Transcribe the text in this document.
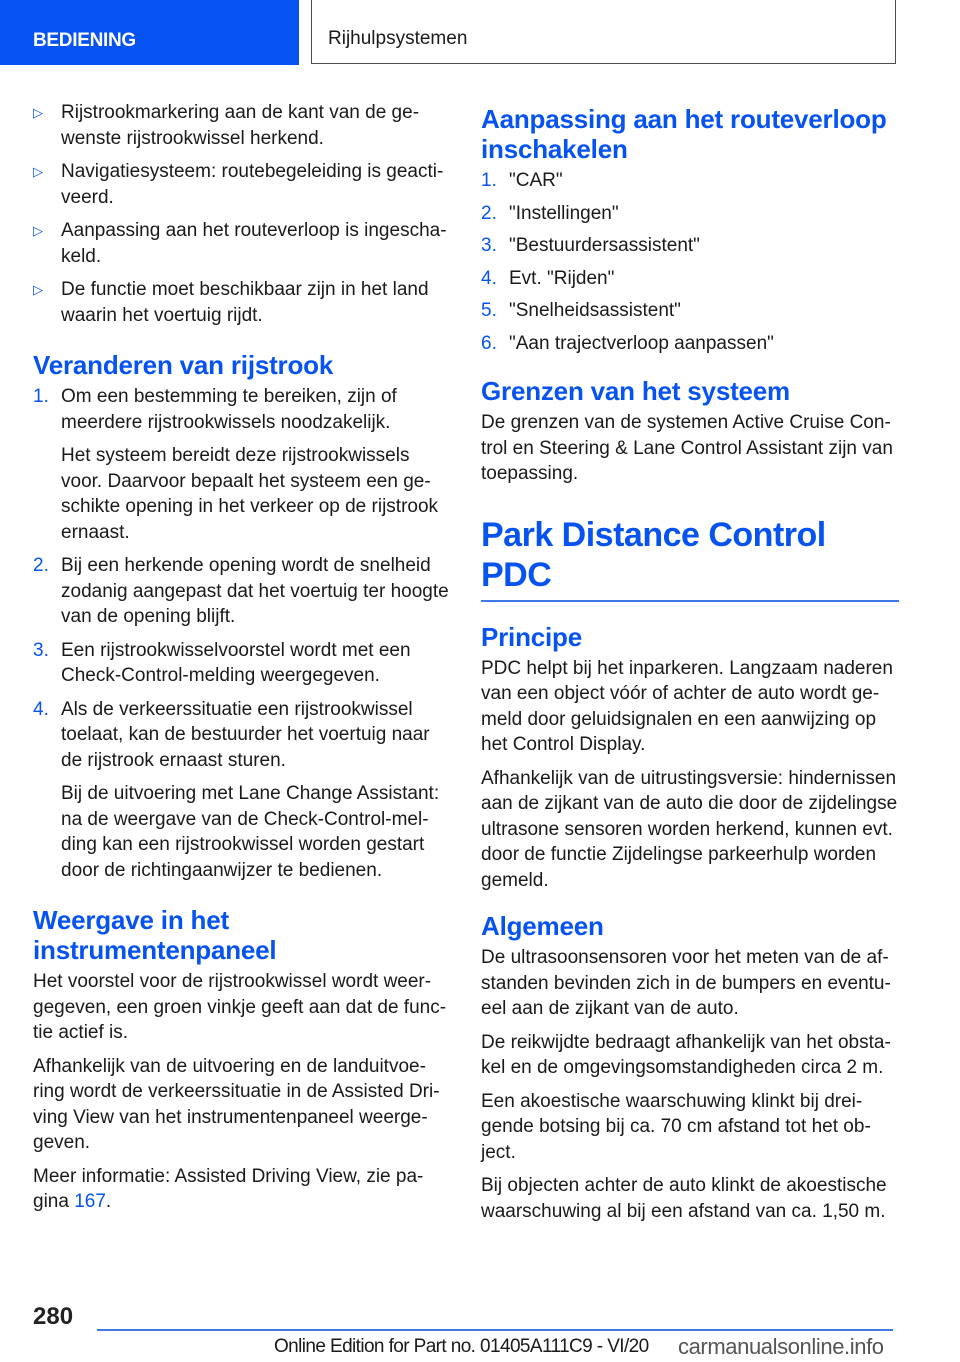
BEDIENING	Rijhulpsystemen
▷ Rijstrookmarkering aan de kant van de gewenste rijstrookwissel herkend.
▷ Navigatiesysteem: routebegeleiding is geactiveerd.
▷ Aanpassing aan het routeverloop is ingeschakeld.
▷ De functie moet beschikbaar zijn in het land waarin het voertuig rijdt.
Veranderen van rijstrook
1. Om een bestemming te bereiken, zijn of meerdere rijstrookwissels noodzakelijk.
Het systeem bereidt deze rijstrookwissels voor. Daarvoor bepaalt het systeem een geschikte opening in het verkeer op de rijstrook ernaast.
2. Bij een herkende opening wordt de snelheid zodanig aangepast dat het voertuig ter hoogte van de opening blijft.
3. Een rijstrookwisselvoorstel wordt met een Check-Control-melding weergegeven.
4. Als de verkeerssituatie een rijstrookwissel toelaat, kan de bestuurder het voertuig naar de rijstrook ernaast sturen.
Bij de uitvoering met Lane Change Assistant: na de weergave van de Check-Control-melding kan een rijstrookwissel worden gestart door de richtingaanwijzer te bedienen.
Weergave in het instrumentenpaneel

Het voorstel voor de rijstrookwissel wordt weergegeven, een groen vinkje geeft aan dat de functie actief is.

Afhankelijk van de uitvoering en de landuitvoering wordt de verkeerssituatie in de Assisted Driving View van het instrumentenpaneel weergegeven.

Meer informatie: Assisted Driving View, zie pagina 167.

Aanpassing aan het routeverloop inschakelen
1. "CAR"
2. "Instellingen"
3. "Bestuurdersassistent"
4. Evt. "Rijden"
5. "Snelheidsassistent"
6. "Aan trajectverloop aanpassen"
Grenzen van het systeem

De grenzen van de systemen Active Cruise Control en Steering & Lane Control Assistant zijn van toepassing.

Park Distance Control PDC
Principe

PDC helpt bij het inparkeren. Langzaam naderen van een object vóór of achter de auto wordt gemeld door geluidsignalen en een aanwijzing op het Control Display.

Afhankelijk van de uitrustingsversie: hindernissen aan de zijkant van de auto die door de zijdelingse ultrasone sensoren worden herkend, kunnen evt. door de functie Zijdelingse parkeerhulp worden gemeld.

Algemeen

De ultrasoonsensoren voor het meten van de afstanden bevinden zich in de bumpers en eventueel aan de zijkant van de auto.

De reikwijdte bedraagt afhankelijk van het obstakel en de omgevingsomstandigheden circa 2 m.

Een akoestische waarschuwing klinkt bij dreigende botsing bij ca. 70 cm afstand tot het object.

Bij objecten achter de auto klinkt de akoestische waarschuwing al bij een afstand van ca. 1,50 m.

280
Online Edition for Part no. 01405A111C9 - VI/20 carmanualsonline.info
